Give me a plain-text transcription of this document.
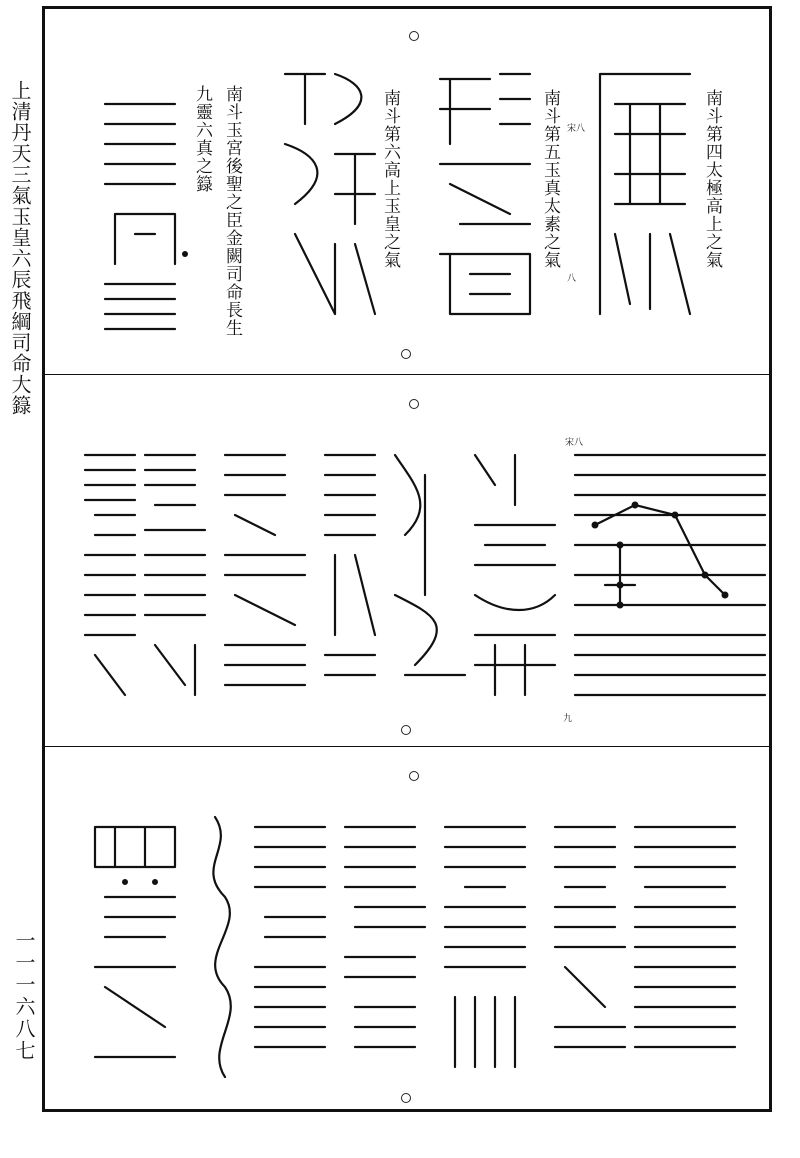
上清丹天三氣玉皇六辰飛綱司命大籙
一一一六八七
南斗第四太極高上之氣
南斗第五玉真太素之氣
南斗第六高上玉皇之氣
南斗玉宮後聖之臣金闕司命長生
九靈六真之籙	宋八
八
宋八
九
